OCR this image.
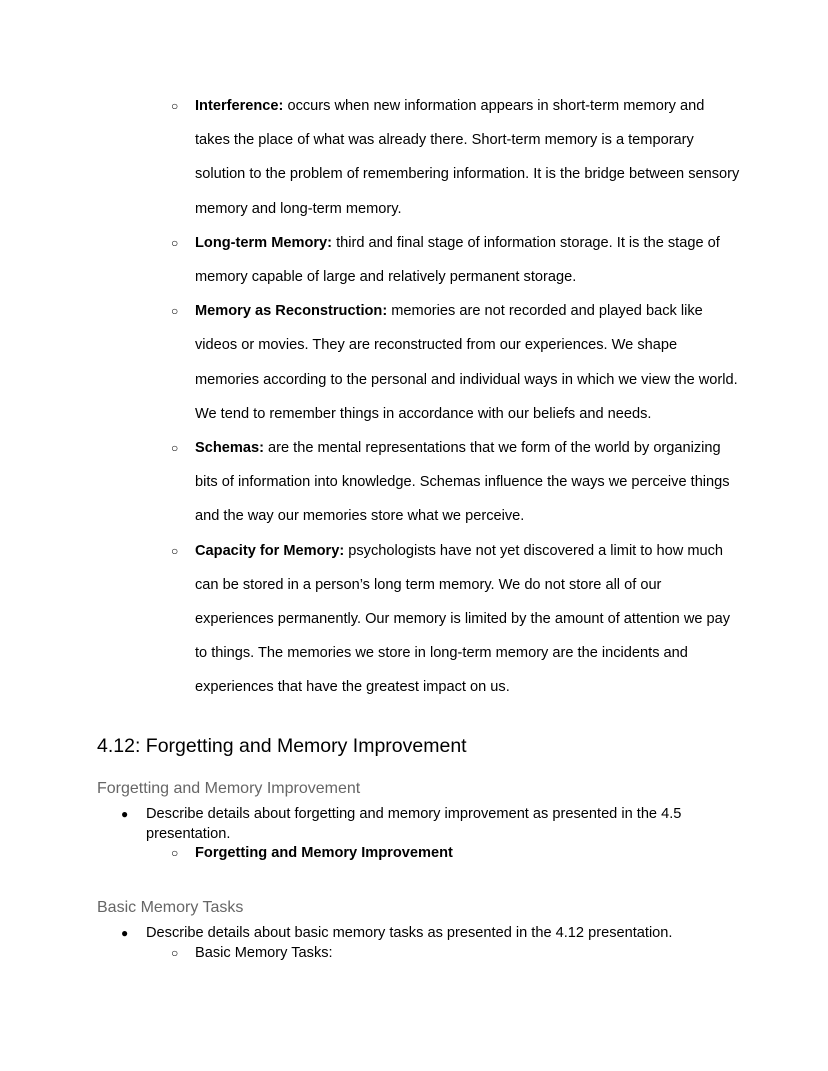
○ Interference: occurs when new information appears in short-term memory and takes the place of what was already there. Short-term memory is a temporary solution to the problem of remembering information. It is the bridge between sensory memory and long-term memory.
○ Long-term Memory: third and final stage of information storage. It is the stage of memory capable of large and relatively permanent storage.
○ Memory as Reconstruction: memories are not recorded and played back like videos or movies. They are reconstructed from our experiences. We shape memories according to the personal and individual ways in which we view the world. We tend to remember things in accordance with our beliefs and needs.
○ Schemas: are the mental representations that we form of the world by organizing bits of information into knowledge. Schemas influence the ways we perceive things and the way our memories store what we perceive.
○ Capacity for Memory: psychologists have not yet discovered a limit to how much can be stored in a person’s long term memory. We do not store all of our experiences permanently. Our memory is limited by the amount of attention we pay to things. The memories we store in long-term memory are the incidents and experiences that have the greatest impact on us.
4.12: Forgetting and Memory Improvement
Forgetting and Memory Improvement
● Describe details about forgetting and memory improvement as presented in the 4.5 presentation.
○ Forgetting and Memory Improvement
Basic Memory Tasks
● Describe details about basic memory tasks as presented in the 4.12 presentation.
○ Basic Memory Tasks:
